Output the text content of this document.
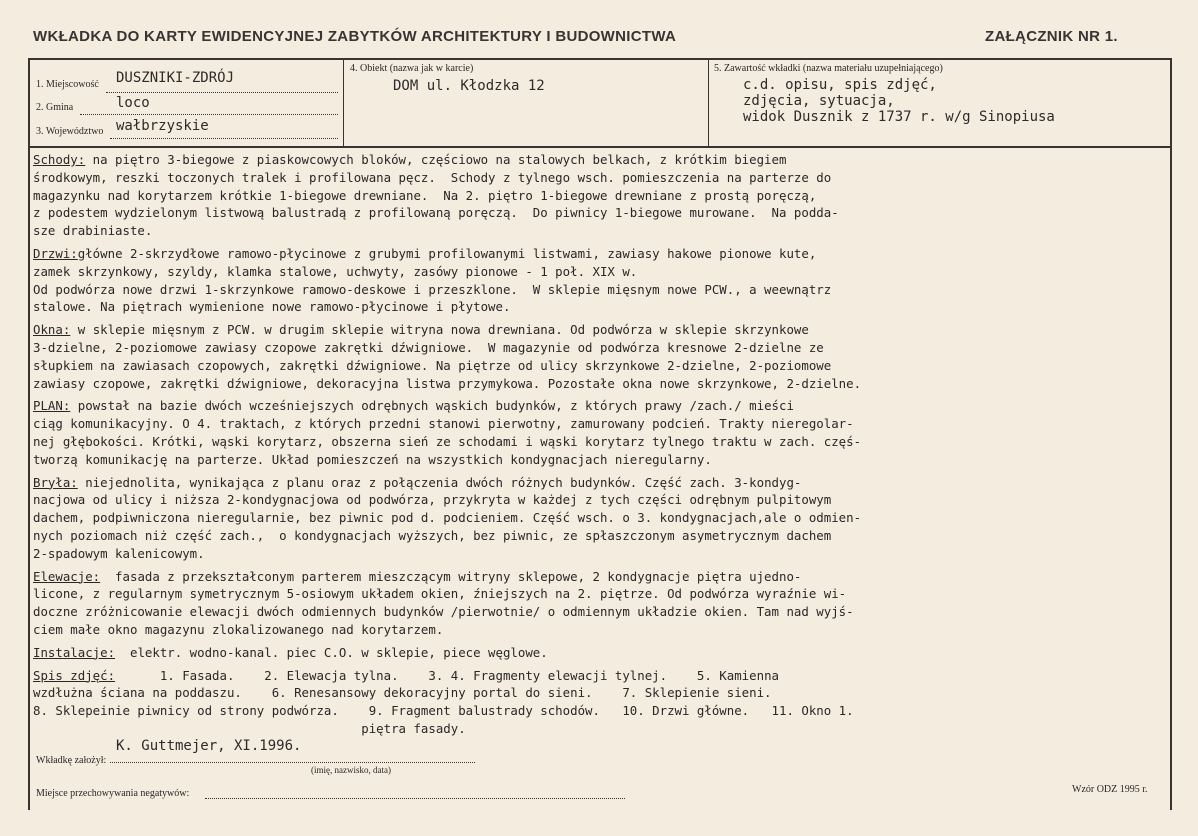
WKŁADKA DO KARTY EWIDENCYJNEJ ZABYTKÓW ARCHITEKTURY I BUDOWNICTWA	ZAŁĄCZNIK NR 1.
1. Miejscowość DUSZNIKI-ZDRÓJ
2. Gmina	loco
3. Województwo wałbrzyskie
4. Obiekt (nazwa jak w karcie)
DOM ul. Kłodzka 12
5. Zawartość wkładki (nazwa materiału uzupełniającego)
c.d. opisu, spis zdjęć,
zdjęcia, sytuacja,
widok Dusznik z 1737 r. w/g Sinopiusa

Schody: na piętro 3-biegowe z piaskowcowych bloków, częściowo na stalowych belkach, z krótkim biegiem
środkowym, reszki toczonych tralek i profilowana pęcz.  Schody z tylnego wsch. pomieszczenia na parterze do
magazynku nad korytarzem krótkie 1-biegowe drewniane.  Na 2. piętro 1-biegowe drewniane z prostą poręczą,
z podestem wydzielonym listwową balustradą z profilowaną poręczą.  Do piwnicy 1-biegowe murowane.  Na podda-
sze drabiniaste.

Drzwi:główne 2-skrzydłowe ramowo-płycinowe z grubymi profilowanymi listwami, zawiasy hakowe pionowe kute,
zamek skrzynkowy, szyldy, klamka stalowe, uchwyty, zasówy pionowe - 1 poł. XIX w.
Od podwórza nowe drzwi 1-skrzynkowe ramowo-deskowe i przeszklone.  W sklepie mięsnym nowe PCW., a weewnątrz
stalowe. Na piętrach wymienione nowe ramowo-płycinowe i płytowe.

Okna: w sklepie mięsnym z PCW. w drugim sklepie witryna nowa drewniana. Od podwórza w sklepie skrzynkowe
3-dzielne, 2-poziomowe zawiasy czopowe zakrętki dźwigniowe.  W magazynie od podwórza kresnowe 2-dzielne ze
słupkiem na zawiasach czopowych, zakrętki dźwigniowe. Na piętrze od ulicy skrzynkowe 2-dzielne, 2-poziomowe
zawiasy czopowe, zakrętki dźwigniowe, dekoracyjna listwa przymykowa. Pozostałe okna nowe skrzynkowe, 2-dzielne.

PLAN: powstał na bazie dwóch wcześniejszych odrębnych wąskich budynków, z których prawy /zach./ mieści
ciąg komunikacyjny. O 4. traktach, z których przedni stanowi pierwotny, zamurowany podcień. Trakty nieregolar-
nej głębokości. Krótki, wąski korytarz, obszerna sień ze schodami i wąski korytarz tylnego traktu w zach. częś-
tworzą komunikację na parterze. Układ pomieszczeń na wszystkich kondygnacjach nieregularny.

Bryła: niejednolita, wynikająca z planu oraz z połączenia dwóch różnych budynków. Część zach. 3-kondyg-
nacjowa od ulicy i niższa 2-kondygnacjowa od podwórza, przykryta w każdej z tych części odrębnym pulpitowym
dachem, podpiwniczona nieregularnie, bez piwnic pod d. podcieniem. Część wsch. o 3. kondygnacjach,ale o odmien-
nych poziomach niż część zach.,  o kondygnacjach wyższych, bez piwnic, ze spłaszczonym asymetrycznym dachem
2-spadowym kalenicowym.

Elewacje:  fasada z przekształconym parterem mieszczącym witryny sklepowe, 2 kondygnacje piętra ujedno-
licone, z regularnym symetrycznym 5-osiowym układem okien, źniejszych na 2. piętrze. Od podwórza wyraźnie wi-
doczne zróżnicowanie elewacji dwóch odmiennych budynków /pierwotnie/ o odmiennym układzie okien. Tam nad wyjś-
ciem małe okno magazynu zlokalizowanego nad korytarzem.

Instalacje:  elektr. wodno-kanal. piec C.O. w sklepie, piece węglowe.

Spis zdjęć:	1. Fasada.    2. Elewacja tylna.    3. 4. Fragmenty elewacji tylnej.    5. Kamienna
wzdłużna ściana na poddaszu.    6. Renesansowy dekoracyjny portal do sieni.    7. Sklepienie sieni.
8. Sklepeinie piwnicy od strony podwórza.    9. Fragment balustrady schodów.   10. Drzwi główne.   11. Okno 1.
piętra fasady.

Wkładkę założył:
K. Guttmejer, XI.1996.
(imię, nazwisko, data)
Miejsce przechowywania negatywów:	Wzór ODZ 1995 r.
